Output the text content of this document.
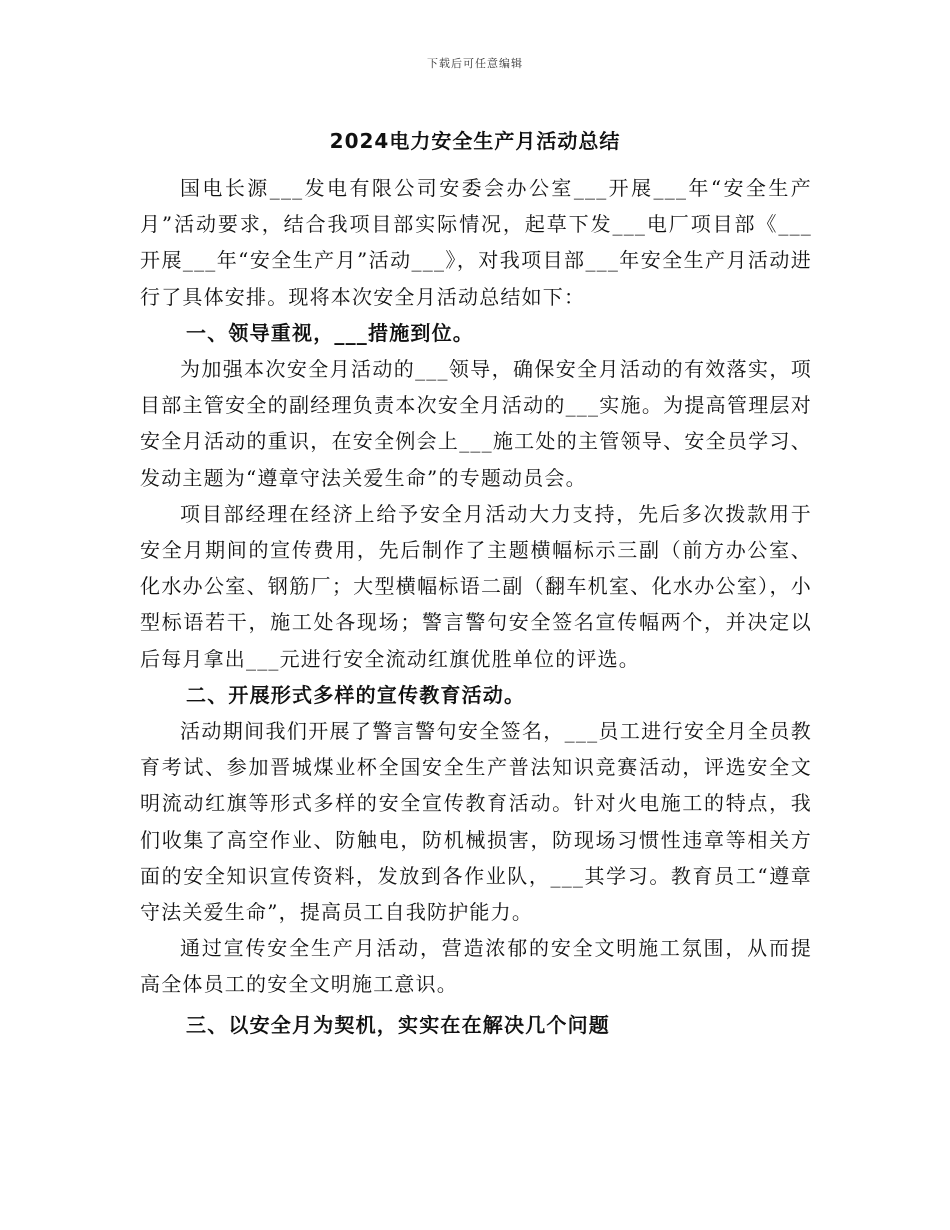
下载后可任意编辑
2024电力安全生产月活动总结

国电长源___发电有限公司安委会办公室___开展___年“安全生产月”活动要求，结合我项目部实际情况，起草下发___电厂项目部《___开展___年“安全生产月”活动___》，对我项目部___年安全生产月活动进行了具体安排。现将本次安全月活动总结如下：

一、领导重视，___措施到位。

为加强本次安全月活动的___领导，确保安全月活动的有效落实，项目部主管安全的副经理负责本次安全月活动的___实施。为提高管理层对安全月活动的重识，在安全例会上___施工处的主管领导、安全员学习、发动主题为“遵章守法关爱生命”的专题动员会。

项目部经理在经济上给予安全月活动大力支持，先后多次拨款用于安全月期间的宣传费用，先后制作了主题横幅标示三副（前方办公室、化水办公室、钢筋厂；大型横幅标语二副（翻车机室、化水办公室），小型标语若干，施工处各现场；警言警句安全签名宣传幅两个，并决定以后每月拿出___元进行安全流动红旗优胜单位的评选。

二、开展形式多样的宣传教育活动。

活动期间我们开展了警言警句安全签名，___员工进行安全月全员教育考试、参加晋城煤业杯全国安全生产普法知识竞赛活动，评选安全文明流动红旗等形式多样的安全宣传教育活动。针对火电施工的特点，我们收集了高空作业、防触电，防机械损害，防现场习惯性违章等相关方面的安全知识宣传资料，发放到各作业队，___其学习。教育员工“遵章守法关爱生命”，提高员工自我防护能力。

通过宣传安全生产月活动，营造浓郁的安全文明施工氛围，从而提高全体员工的安全文明施工意识。

三、以安全月为契机，实实在在解决几个问题
